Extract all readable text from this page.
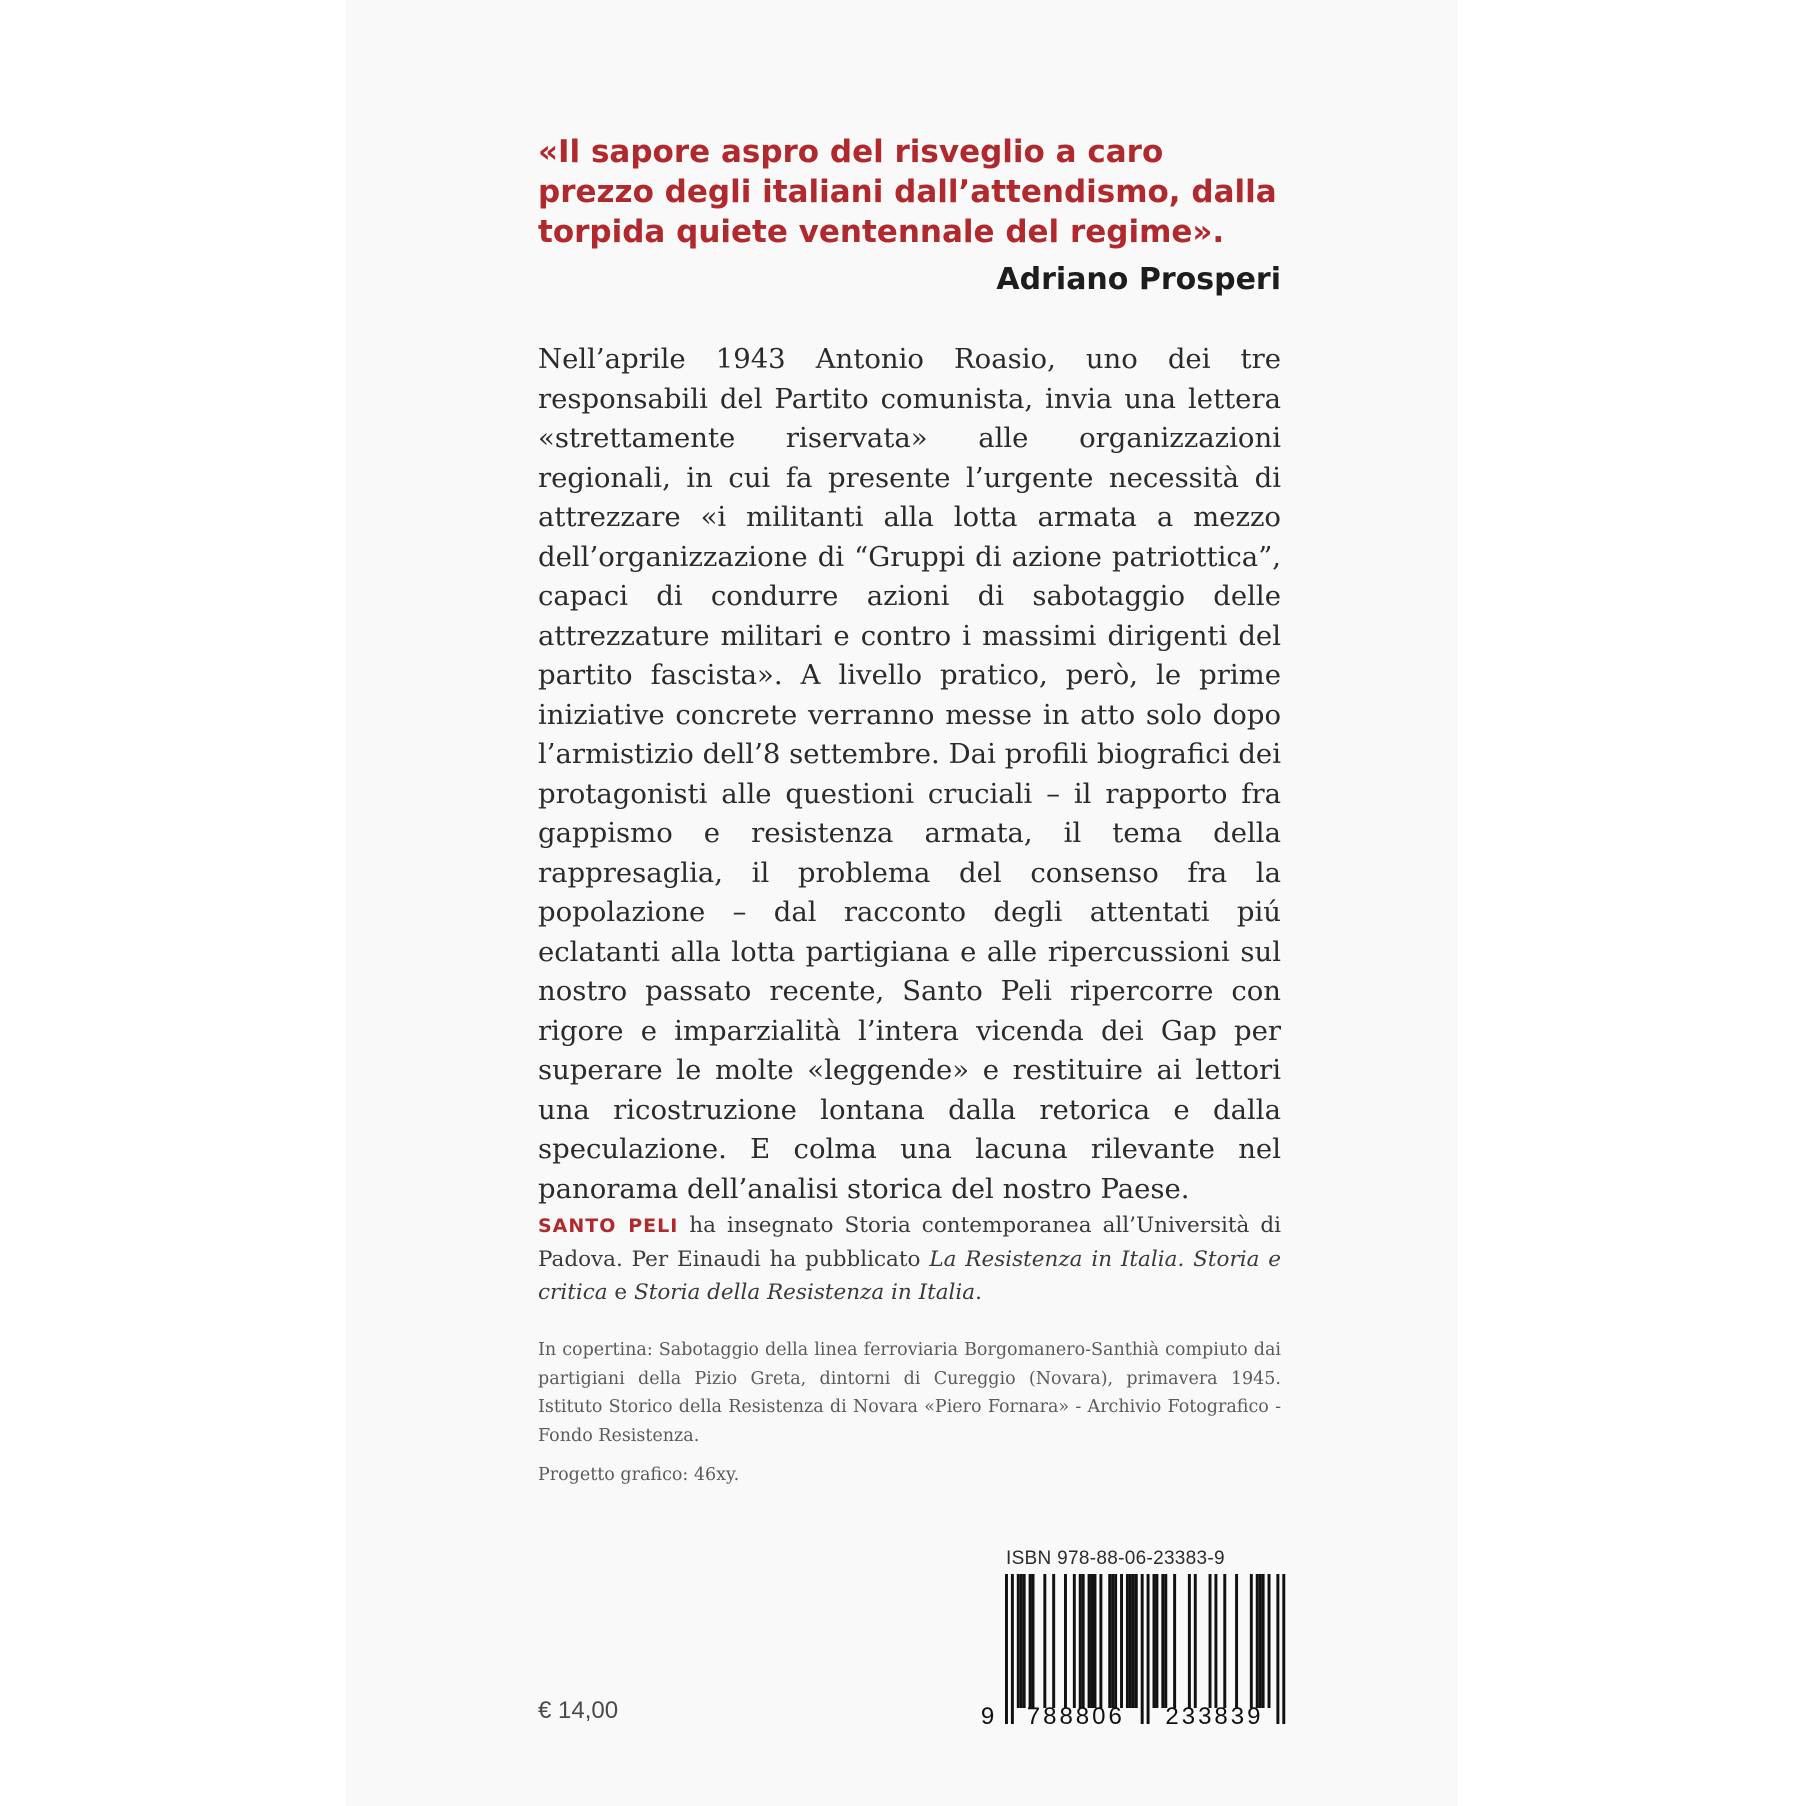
«Il sapore aspro del risveglio a caro prezzo degli italiani dall’attendismo, dalla torpida quiete ventennale del regime».

Adriano Prosperi

Nell’aprile 1943 Antonio Roasio, uno dei tre responsabili del Partito comunista, invia una lettera «strettamente riservata» alle organizzazioni regionali, in cui fa presente l’urgente necessità di attrezzare «i militanti alla lotta armata a mezzo dell’organizzazione di “Gruppi di azione patriottica”, capaci di condurre azioni di sabotaggio delle attrezzature militari e contro i massimi dirigenti del partito fascista». A livello pratico, però, le prime iniziative concrete verranno messe in atto solo dopo l’armistizio dell’8 settembre. Dai profili biografici dei protagonisti alle questioni cruciali – il rapporto fra gappismo e resistenza armata, il tema della rappresaglia, il problema del consenso fra la popolazione – dal racconto degli attentati piú eclatanti alla lotta partigiana e alle ripercussioni sul nostro passato recente, Santo Peli ripercorre con rigore e imparzialità l’intera vicenda dei Gap per superare le molte «leggende» e restituire ai lettori una ricostruzione lontana dalla retorica e dalla speculazione. E colma una lacuna rilevante nel panorama dell’analisi storica del nostro Paese.

SANTO PELI ha insegnato Storia contemporanea all’Università di Padova. Per Einaudi ha pubblicato La Resistenza in Italia. Storia e critica e Storia della Resistenza in Italia.

In copertina: Sabotaggio della linea ferroviaria Borgomanero-Santhià compiuto dai partigiani della Pizio Greta, dintorni di Cureggio (Novara), primavera 1945. Istituto Storico della Resistenza di Novara «Piero Fornara» - Archivio Fotografico - Fondo Resistenza.

Progetto grafico: 46xy.
€ 14,00
ISBN 978-88-06-23383-9
9 788806 233839
